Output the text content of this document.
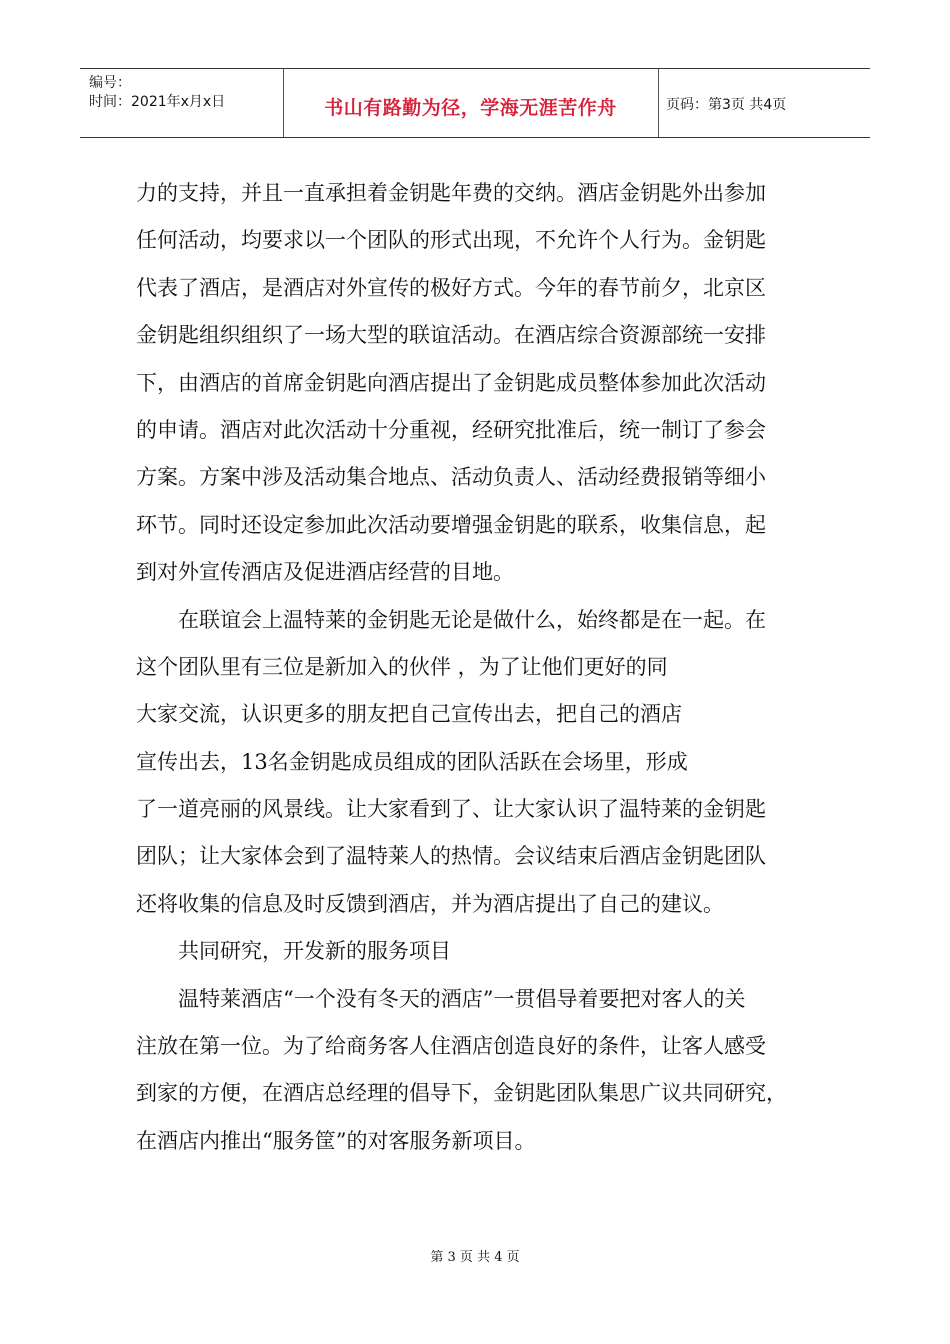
编号：
时间：2021年x月x日	书山有路勤为径，学海无涯苦作舟	页码：第3页 共4页
力的支持，并且一直承担着金钥匙年费的交纳。酒店金钥匙外出参加
任何活动，均要求以一个团队的形式出现，不允许个人行为。金钥匙
代表了酒店，是酒店对外宣传的极好方式。今年的春节前夕，北京区
金钥匙组织组织了一场大型的联谊活动。在酒店综合资源部统一安排
下，由酒店的首席金钥匙向酒店提出了金钥匙成员整体参加此次活动
的申请。酒店对此次活动十分重视，经研究批准后，统一制订了参会
方案。方案中涉及活动集合地点、活动负责人、活动经费报销等细小
环节。同时还设定参加此次活动要增强金钥匙的联系，收集信息，起
到对外宣传酒店及促进酒店经营的目地。
　　在联谊会上温特莱的金钥匙无论是做什么，始终都是在一起。在
这个团队里有三位是新加入的伙伴 ，为了让他们更好的同
大家交流，认识更多的朋友把自己宣传出去，把自己的酒店
宣传出去，13名金钥匙成员组成的团队活跃在会场里，形成
了一道亮丽的风景线。让大家看到了、让大家认识了温特莱的金钥匙
团队；让大家体会到了温特莱人的热情。会议结束后酒店金钥匙团队
还将收集的信息及时反馈到酒店，并为酒店提出了自己的建议。
　　共同研究，开发新的服务项目
　　温特莱酒店“一个没有冬天的酒店”一贯倡导着要把对客人的关
注放在第一位。为了给商务客人住酒店创造良好的条件，让客人感受
到家的方便，在酒店总经理的倡导下，金钥匙团队集思广议共同研究，
在酒店内推出“服务筐”的对客服务新项目。
第 3 页 共 4 页
